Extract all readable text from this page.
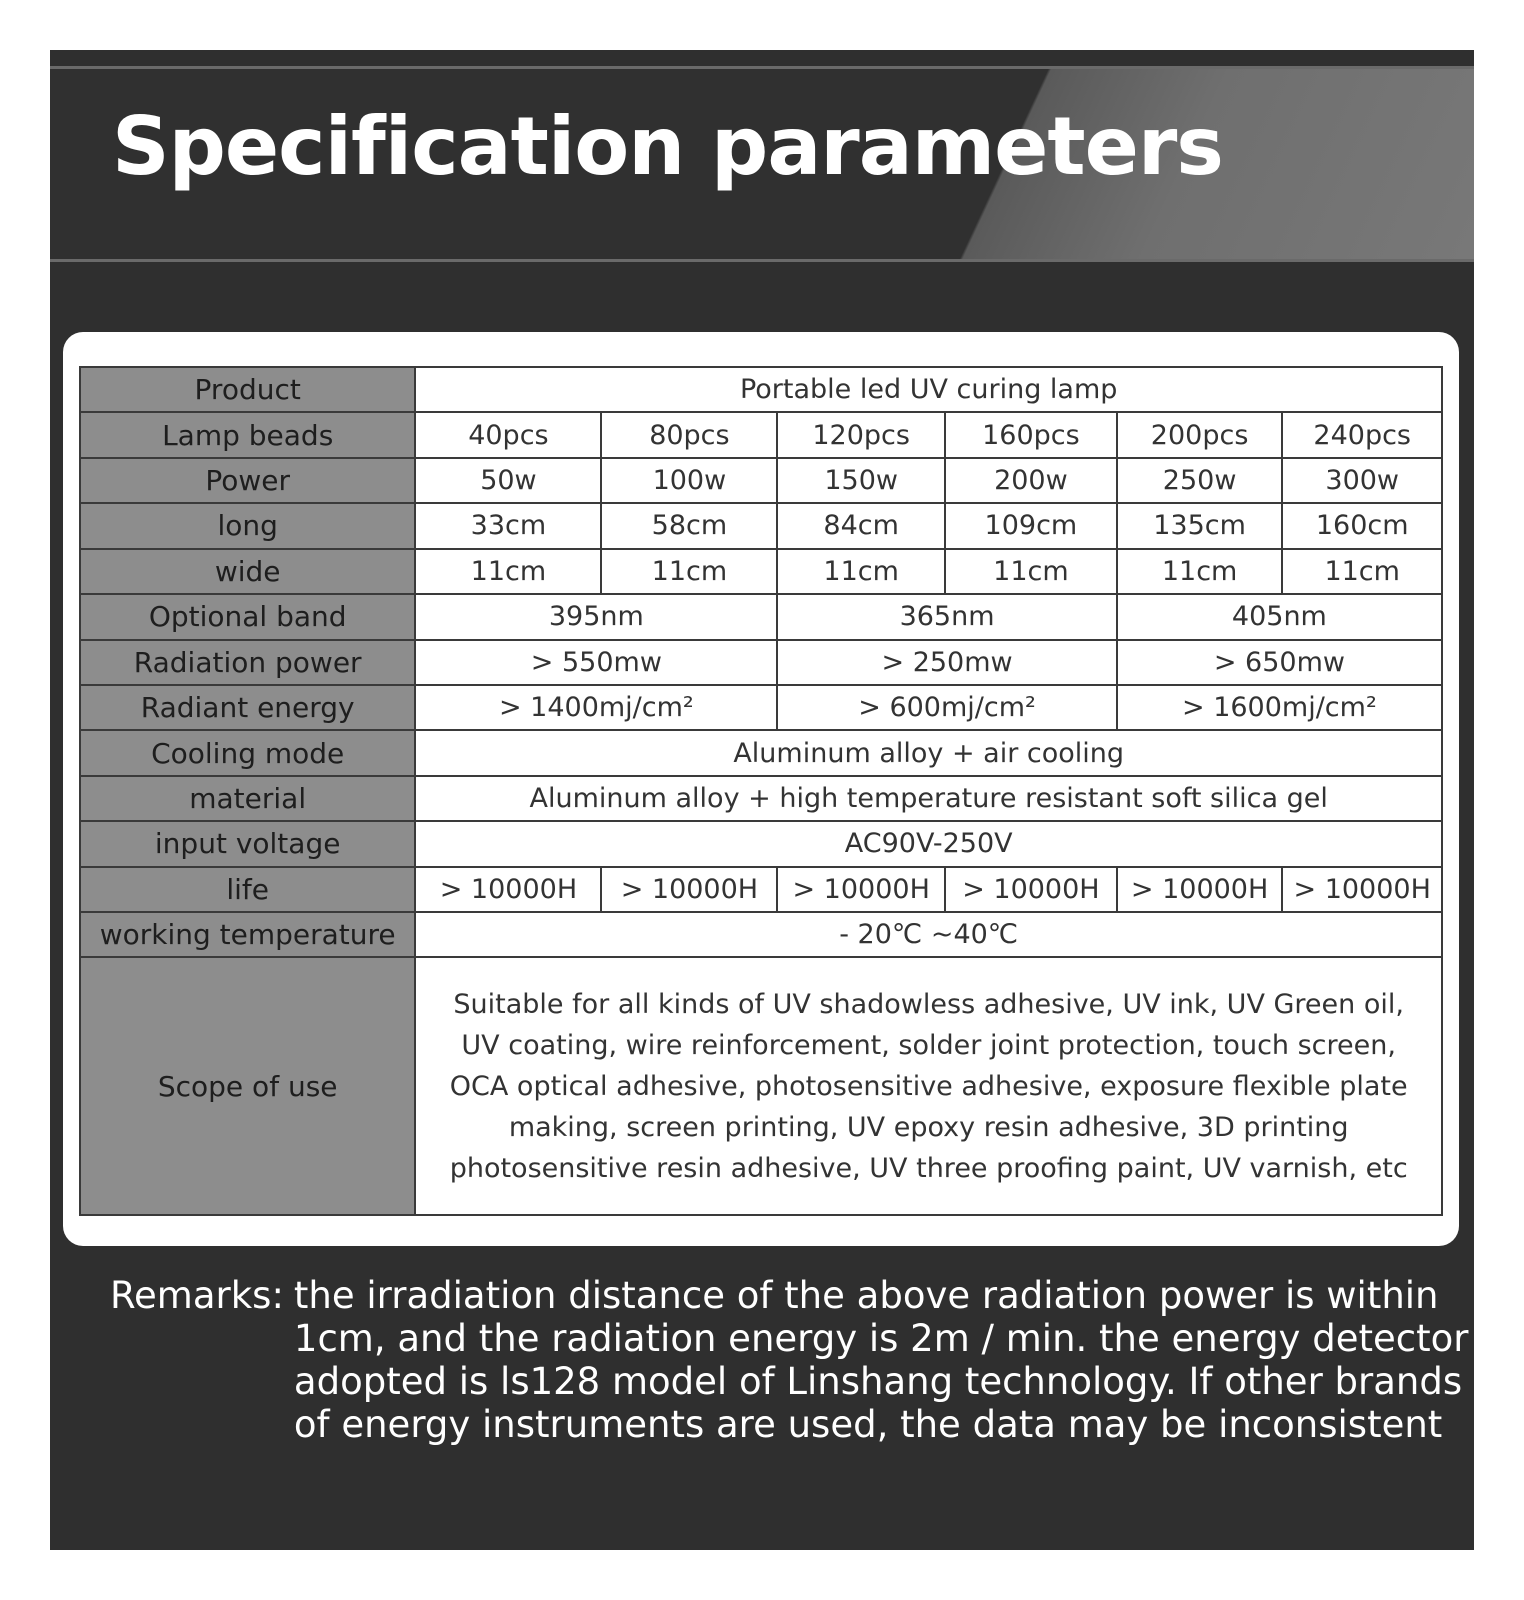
Specification parameters
Product	Portable led UV curing lamp					
Lamp beads	40pcs	80pcs	120pcs	160pcs	200pcs	240pcs
Power	50w	100w	150w	200w	250w	300w
long	33cm	58cm	84cm	109cm	135cm	160cm
wide	11cm	11cm	11cm	11cm	11cm	11cm
Optional band	395nm		365nm		405nm	
Radiation power	> 550mw		> 250mw		> 650mw	
Radiant energy	> 1400mj/cm²		> 600mj/cm²		> 1600mj/cm²	
Cooling mode	Aluminum alloy + air cooling					
material	Aluminum alloy + high temperature resistant soft silica gel					
input voltage	AC90V-250V					
life	> 10000H	> 10000H	> 10000H	> 10000H	> 10000H	> 10000H
working temperature	- 20℃ ~40℃					
Scope of use	Suitable for all kinds of UV shadowless adhesive, UV ink, UV Green oil, UV coating, wire reinforcement, solder joint protection, touch screen, OCA optical adhesive, photosensitive adhesive, exposure flexible plate making, screen printing, UV epoxy resin adhesive, 3D printing photosensitive resin adhesive, UV three proofing paint, UV varnish, etc					
Remarks: the irradiation distance of the above radiation power is within 1cm, and the radiation energy is 2m / min. the energy detector adopted is ls128 model of Linshang technology. If other brands of energy instruments are used, the data may be inconsistent
